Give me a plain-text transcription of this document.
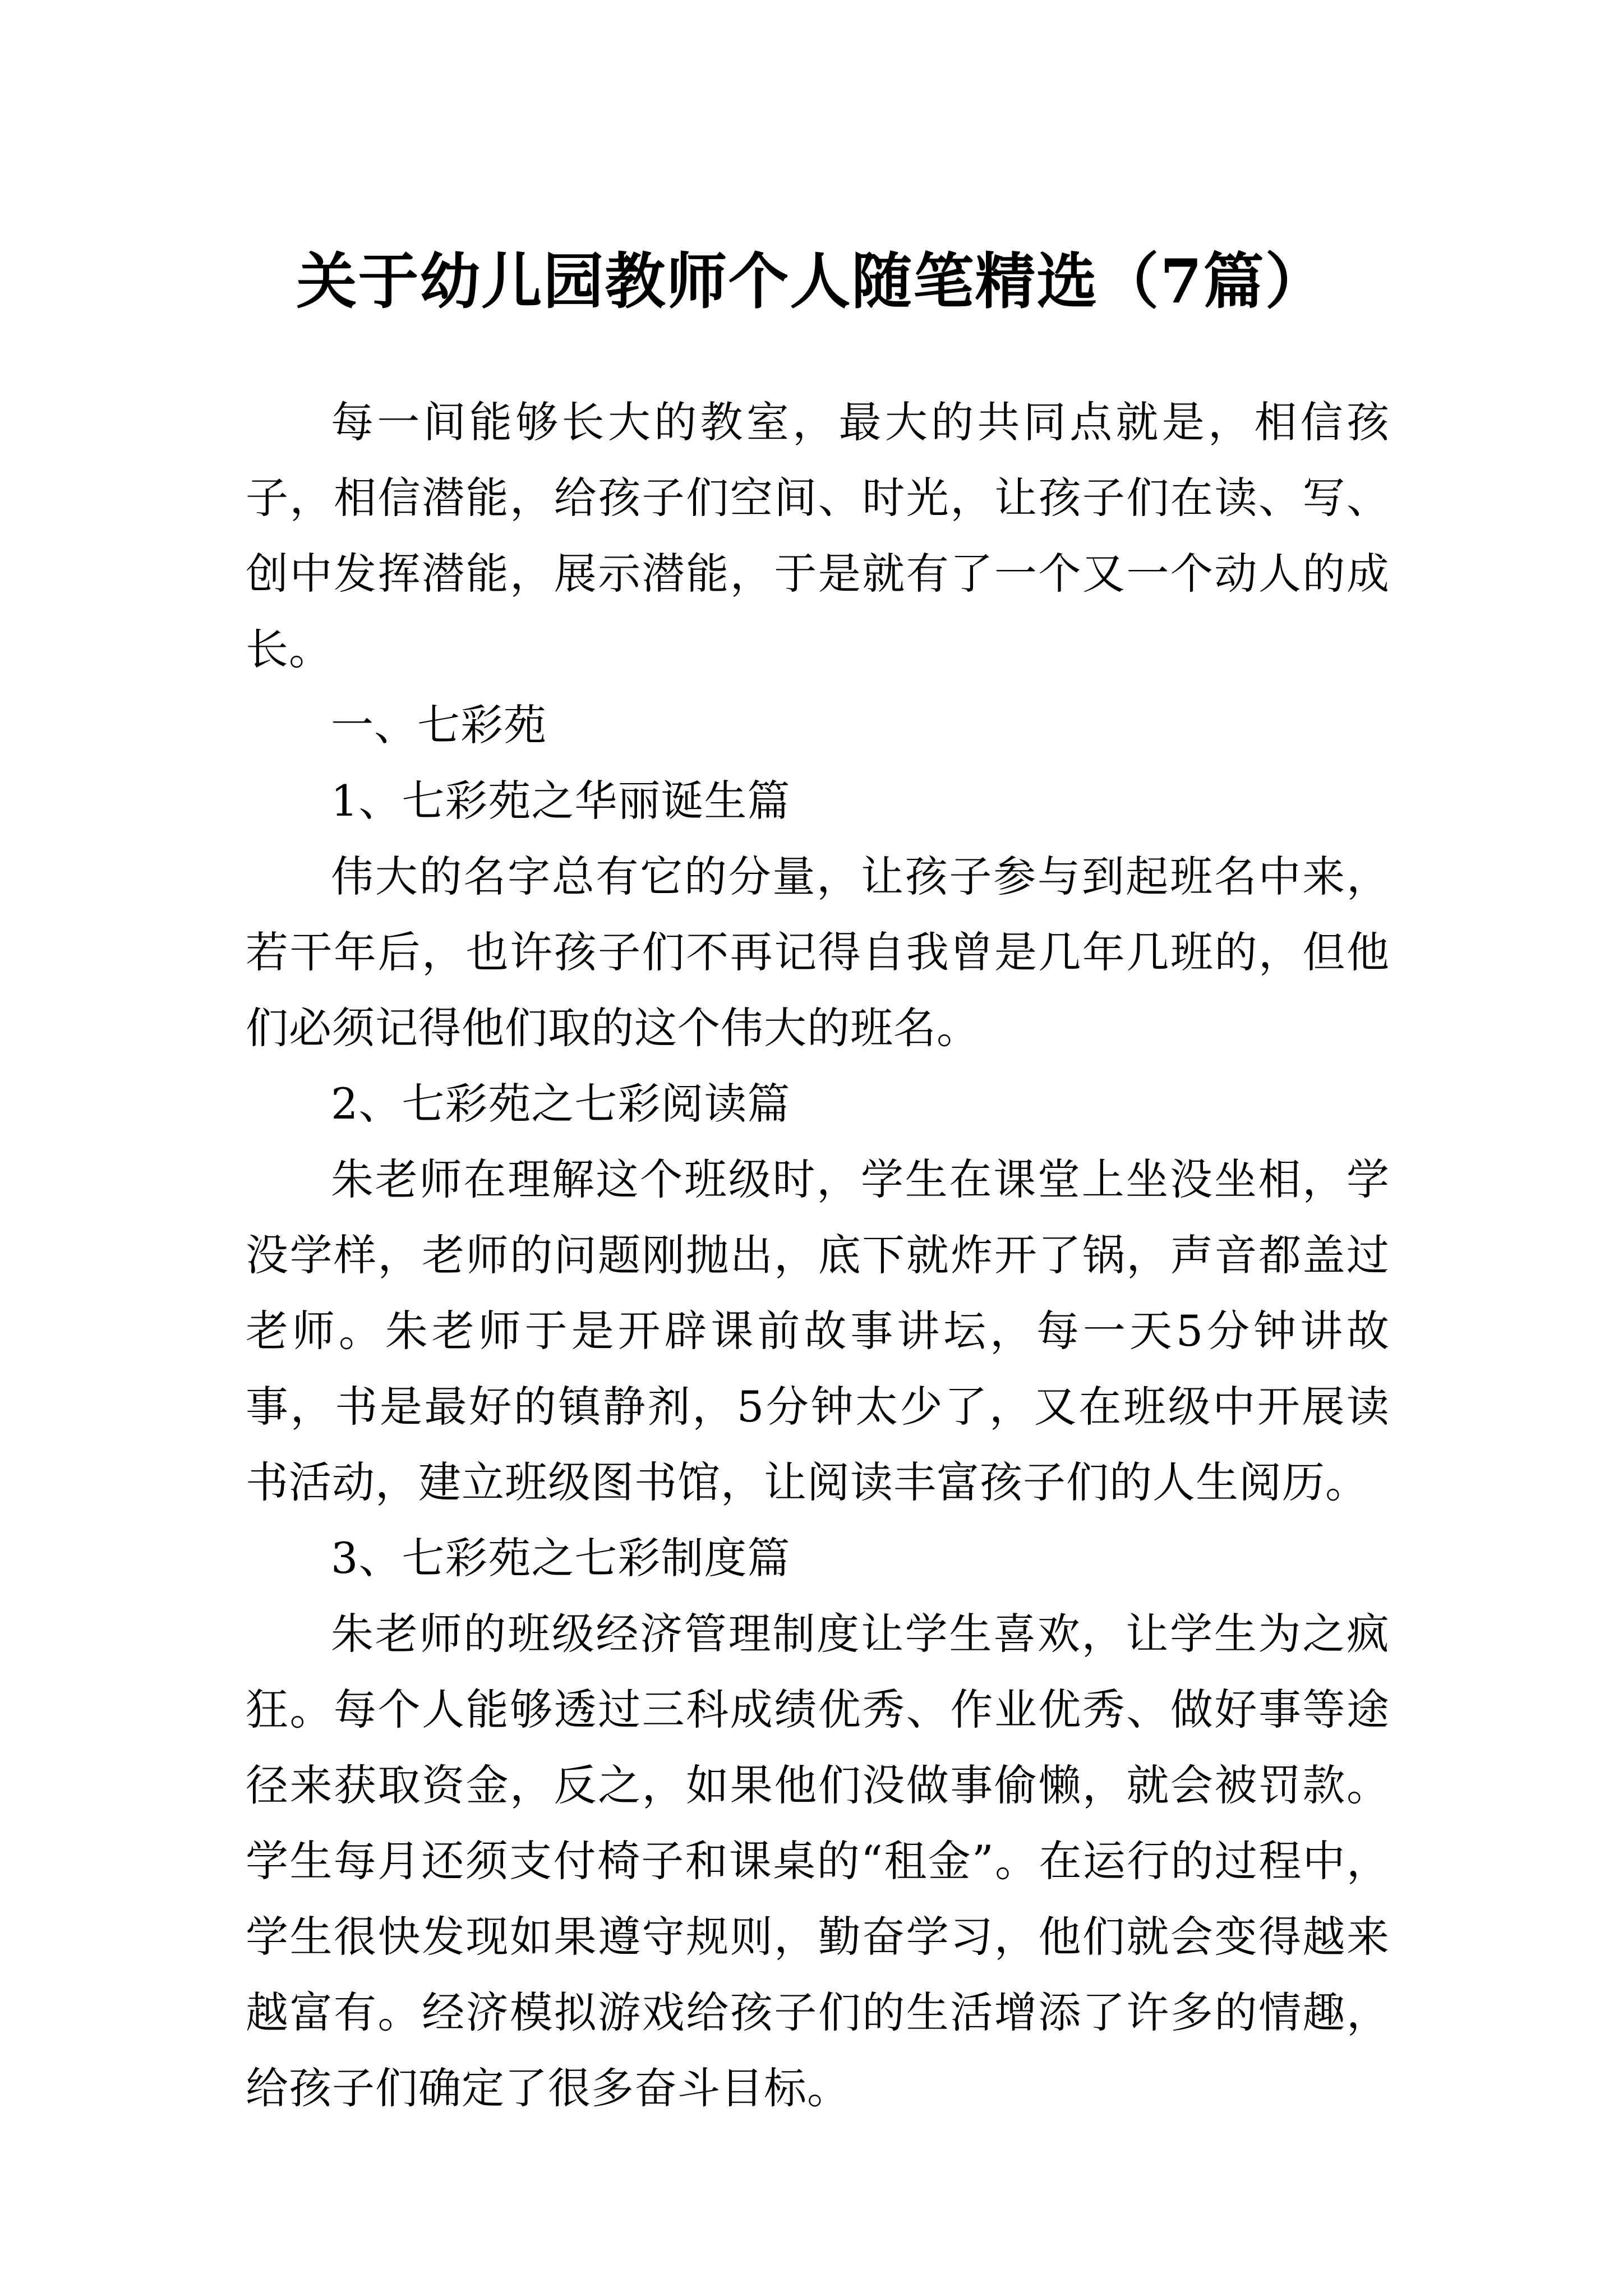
关于幼儿园教师个人随笔精选（7篇）

每一间能够长大的教室，最大的共同点就是，相信孩子，相信潜能，给孩子们空间、时光，让孩子们在读、写、创中发挥潜能，展示潜能，于是就有了一个又一个动人的成长。

一、七彩苑

1、七彩苑之华丽诞生篇

伟大的名字总有它的分量，让孩子参与到起班名中来，若干年后，也许孩子们不再记得自我曾是几年几班的，但他们必须记得他们取的这个伟大的班名。

2、七彩苑之七彩阅读篇

朱老师在理解这个班级时，学生在课堂上坐没坐相，学没学样，老师的问题刚抛出，底下就炸开了锅，声音都盖过老师。朱老师于是开辟课前故事讲坛，每一天5分钟讲故事，书是最好的镇静剂，5分钟太少了，又在班级中开展读书活动，建立班级图书馆，让阅读丰富孩子们的人生阅历。

3、七彩苑之七彩制度篇

朱老师的班级经济管理制度让学生喜欢，让学生为之疯狂。每个人能够透过三科成绩优秀、作业优秀、做好事等途径来获取资金，反之，如果他们没做事偷懒，就会被罚款。学生每月还须支付椅子和课桌的“租金”。在运行的过程中，学生很快发现如果遵守规则，勤奋学习，他们就会变得越来越富有。经济模拟游戏给孩子们的生活增添了许多的情趣，给孩子们确定了很多奋斗目标。
